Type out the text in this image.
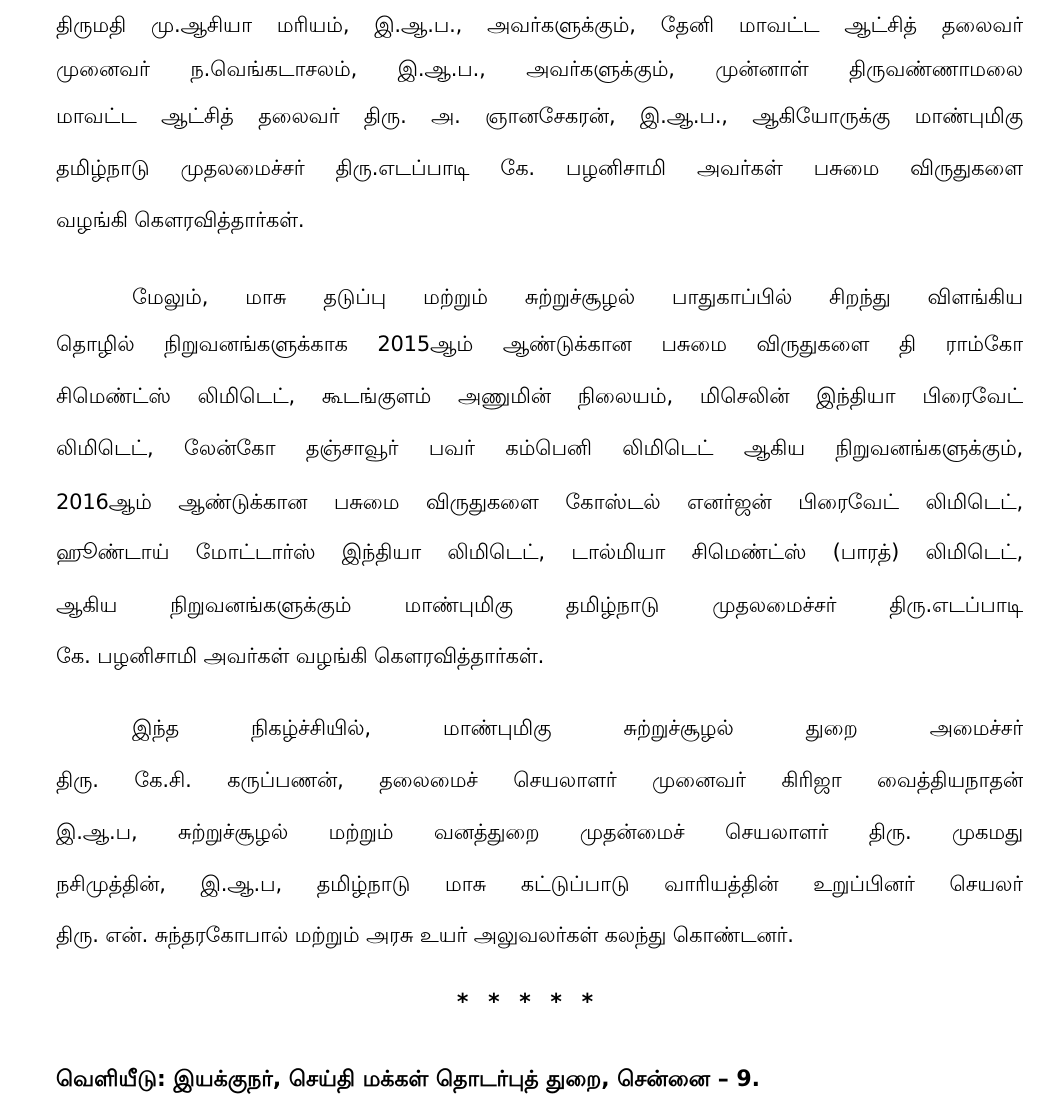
திருமதி மு.ஆசியா மரியம், இ.ஆ.ப., அவர்களுக்கும், தேனி மாவட்ட ஆட்சித் தலைவர்
முனைவர் ந.வெங்கடாசலம், இ.ஆ.ப., அவர்களுக்கும், முன்னாள் திருவண்ணாமலை
மாவட்ட ஆட்சித் தலைவர் திரு. அ. ஞானசேகரன், இ.ஆ.ப., ஆகியோருக்கு மாண்புமிகு
தமிழ்நாடு முதலமைச்சர் திரு.எடப்பாடி கே. பழனிசாமி அவர்கள் பசுமை விருதுகளை
வழங்கி கௌரவித்தார்கள்.
மேலும், மாசு தடுப்பு மற்றும் சுற்றுச்சூழல் பாதுகாப்பில் சிறந்து விளங்கிய
தொழில் நிறுவனங்களுக்காக 2015ஆம் ஆண்டுக்கான பசுமை விருதுகளை தி ராம்கோ
சிமெண்ட்ஸ் லிமிடெட், கூடங்குளம் அணுமின் நிலையம், மிசெலின் இந்தியா பிரைவேட்
லிமிடெட், லேன்கோ தஞ்சாவூர் பவர் கம்பெனி லிமிடெட் ஆகிய நிறுவனங்களுக்கும்,
2016ஆம் ஆண்டுக்கான பசுமை விருதுகளை கோஸ்டல் எனர்ஜன் பிரைவேட் லிமிடெட்,
ஹூண்டாய் மோட்டார்ஸ் இந்தியா லிமிடெட், டால்மியா சிமெண்ட்ஸ் (பாரத்) லிமிடெட்,
ஆகிய நிறுவனங்களுக்கும் மாண்புமிகு தமிழ்நாடு முதலமைச்சர் திரு.எடப்பாடி
கே. பழனிசாமி அவர்கள் வழங்கி கௌரவித்தார்கள்.
இந்த நிகழ்ச்சியில், மாண்புமிகு சுற்றுச்சூழல் துறை அமைச்சர்
திரு. கே.சி. கருப்பணன், தலைமைச் செயலாளர் முனைவர் கிரிஜா வைத்தியநாதன்
இ.ஆ.ப, சுற்றுச்சூழல் மற்றும் வனத்துறை முதன்மைச் செயலாளர் திரு. முகமது
நசிமுத்தின், இ.ஆ.ப, தமிழ்நாடு மாசு கட்டுப்பாடு வாரியத்தின் உறுப்பினர் செயலர்
திரு. என். சுந்தரகோபால் மற்றும் அரசு உயர் அலுவலர்கள் கலந்து கொண்டனர்.
* * * * *
வெளியீடு: இயக்குநர், செய்தி மக்கள் தொடர்புத் துறை, சென்னை – 9.
